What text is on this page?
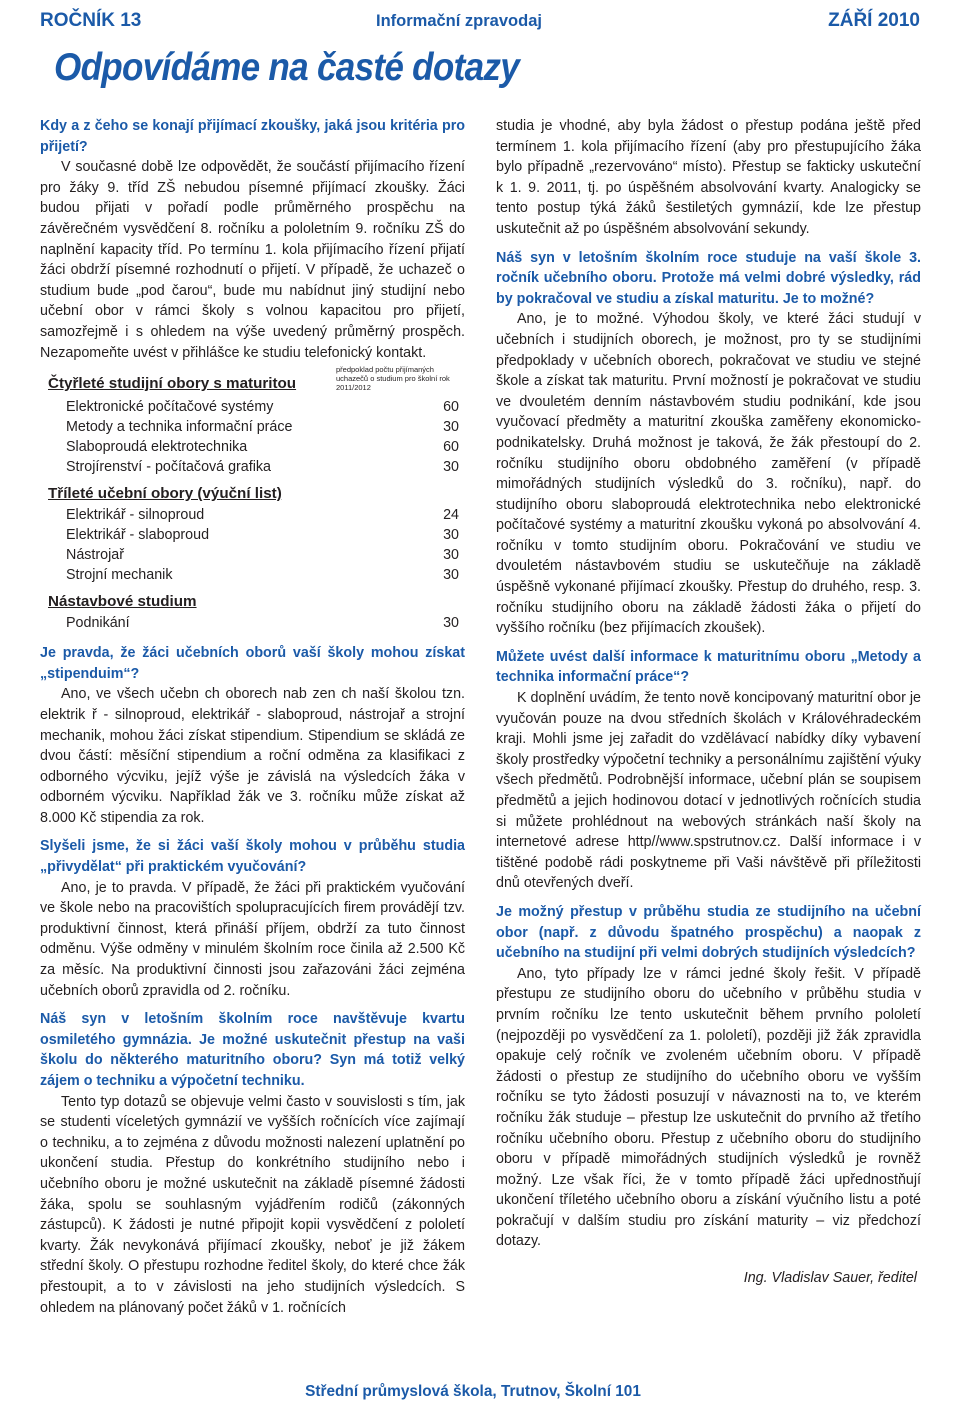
ROČNÍK 13	Informační zpravodaj	ZÁŘÍ 2010
Odpovídáme na časté dotazy

Kdy a z čeho se konají přijímací zkoušky, jaká jsou kritéria pro přijetí?

V současné době lze odpovědět, že součástí přijímacího řízení pro žáky 9. tříd ZŠ nebudou písemné přijímací zkoušky. Žáci budou přijati v pořadí podle průměrného prospěchu na závěrečném vysvědčení 8. ročníku a pololetním 9. ročníku ZŠ do naplnění kapacity tříd. Po termínu 1. kola přijímacího řízení přijatí žáci obdrží písemné rozhodnutí o přijetí. V případě, že uchazeč o studium bude „pod čarou“, bude mu nabídnut jiný studijní nebo učební obor v rámci školy s volnou kapacitou pro přijetí, samozřejmě i s ohledem na výše uvedený průměrný prospěch. Nezapomeňte uvést v přihlášce ke studiu telefonický kontakt.

Čtyřleté studijní obory s maturitou

předpoklad počtu přijímaných uchazečů o studium pro školní rok 2011/2012
Elektronické počítačové systémy	60
Metody a technika informační práce	30
Slaboproudá elektrotechnika	60
Strojírenství - počítačová grafika	30

Tříleté učební obory (výuční list)

Elektrikář - silnoproud	24
Elektrikář - slaboproud	30
Nástrojař	30
Strojní mechanik	30

Nástavbové studium

Podnikání	30

Je pravda, že žáci učebních oborů vaší školy mohou získat „stipenduim“?

Ano, ve všech učebn ch oborech nab zen ch naší školou tzn. elektrik ř - silnoproud, elektrikář - slaboproud, nástrojař a strojní mechanik, mohou žáci získat stipendium. Stipendium se skládá ze dvou částí: měsíční stipendium a roční odměna za klasifikaci z odborného výcviku, jejíž výše je závislá na výsledcích žáka v odborném výcviku. Například žák ve 3. ročníku může získat až 8.000 Kč stipendia za rok.

Slyšeli jsme, že si žáci vaší školy mohou v průběhu studia „přivydělat“ při praktickém vyučování?

Ano, je to pravda. V případě, že žáci při praktickém vyučování ve škole nebo na pracovištích spolupracujících firem provádějí tzv. produktivní činnost, která přináší příjem, obdrží za tuto činnost odměnu. Výše odměny v minulém školním roce činila až 2.500 Kč za měsíc. Na produktivní činnosti jsou zařazováni žáci zejména učebních oborů zpravidla od 2. ročníku.

Náš syn v letošním školním roce navštěvuje kvartu osmiletého gymnázia. Je možné uskutečnit přestup na vaši školu do některého maturitního oboru? Syn má totiž velký zájem o techniku a výpočetní techniku.

Tento typ dotazů se objevuje velmi často v souvislosti s tím, jak se studenti víceletých gymnázií ve vyšších ročnících více zajímají o techniku, a to zejména z důvodu možnosti nalezení uplatnění po ukončení studia. Přestup do konkrétního studijního nebo i učebního oboru je možné uskutečnit na základě písemné žádosti žáka, spolu se souhlasným vyjádřením rodičů (zákonných zástupců). K žádosti je nutné připojit kopii vysvědčení z pololetí kvarty. Žák nevykonává přijímací zkoušky, neboť je již žákem střední školy. O přestupu rozhodne ředitel školy, do které chce žák přestoupit, a to v závislosti na jeho studijních výsledcích. S ohledem na plánovaný počet žáků v 1. ročnících

studia je vhodné, aby byla žádost o přestup podána ještě před termínem 1. kola přijímacího řízení (aby pro přestupujícího žáka bylo případně „rezervováno“ místo). Přestup se fakticky uskuteční k 1. 9. 2011, tj. po úspěšném absolvování kvarty. Analogicky se tento postup týká žáků šestiletých gymnázií, kde lze přestup uskutečnit až po úspěšném absolvování sekundy.

Náš syn v letošním školním roce studuje na vaší škole 3. ročník učebního oboru. Protože má velmi dobré výsledky, rád by pokračoval ve studiu a získal maturitu. Je to možné?

Ano, je to možné. Výhodou školy, ve které žáci studují v učebních i studijních oborech, je možnost, pro ty se studijními předpoklady v učebních oborech, pokračovat ve studiu ve stejné škole a získat tak maturitu. První možností je pokračovat ve studiu ve dvouletém denním nástavbovém studiu podnikání, kde jsou vyučovací předměty a maturitní zkouška zaměřeny ekonomicko-podnikatelsky. Druhá možnost je taková, že žák přestoupí do 2. ročníku studijního oboru obdobného zaměření (v případě mimořádných studijních výsledků do 3. ročníku), např. do studijního oboru slaboproudá elektrotechnika nebo elektronické počítačové systémy a maturitní zkoušku vykoná po absolvování 4. ročníku v tomto studijním oboru. Pokračování ve studiu ve dvouletém nástavbovém studiu se uskutečňuje na základě úspěšně vykonané přijímací zkoušky. Přestup do druhého, resp. 3. ročníku studijního oboru na základě žádosti žáka o přijetí do vyššího ročníku (bez přijímacích zkoušek).

Můžete uvést další informace k maturitnímu oboru „Metody a technika informační práce“?

K doplnění uvádím, že tento nově koncipovaný maturitní obor je vyučován pouze na dvou středních školách v Královéhradeckém kraji. Mohli jsme jej zařadit do vzdělávací nabídky díky vybavení školy prostředky výpočetní techniky a personálnímu zajištění výuky všech předmětů. Podrobnější informace, učební plán se soupisem předmětů a jejich hodinovou dotací v jednotlivých ročnících studia si můžete prohlédnout na webových stránkách naší školy na internetové adrese http//www.spstrutnov.cz. Další informace i v tištěné podobě rádi poskytneme při Vaši návštěvě při příležitosti dnů otevřených dveří.

Je možný přestup v průběhu studia ze studijního na učební obor (např. z důvodu špatného prospěchu) a naopak z učebního na studijní při velmi dobrých studijních výsledcích?

Ano, tyto případy lze v rámci jedné školy řešit. V případě přestupu ze studijního oboru do učebního v průběhu studia v prvním ročníku lze tento uskutečnit během prvního pololetí (nejpozději po vysvědčení za 1. pololetí), později již žák zpravidla opakuje celý ročník ve zvoleném učebním oboru. V případě žádosti o přestup ze studijního do učebního oboru ve vyšším ročníku se tyto žádosti posuzují v návaznosti na to, ve kterém ročníku žák studuje – přestup lze uskutečnit do prvního až třetího ročníku učebního oboru. Přestup z učebního oboru do studijního oboru v případě mimořádných studijních výsledků je rovněž možný. Lze však říci, že v tomto případě žáci upřednostňují ukončení tříletého učebního oboru a získání výučního listu a poté pokračují v dalším studiu pro získání maturity – viz předchozí dotazy.

Ing. Vladislav Sauer, ředitel

Střední průmyslová škola, Trutnov, Školní 101
